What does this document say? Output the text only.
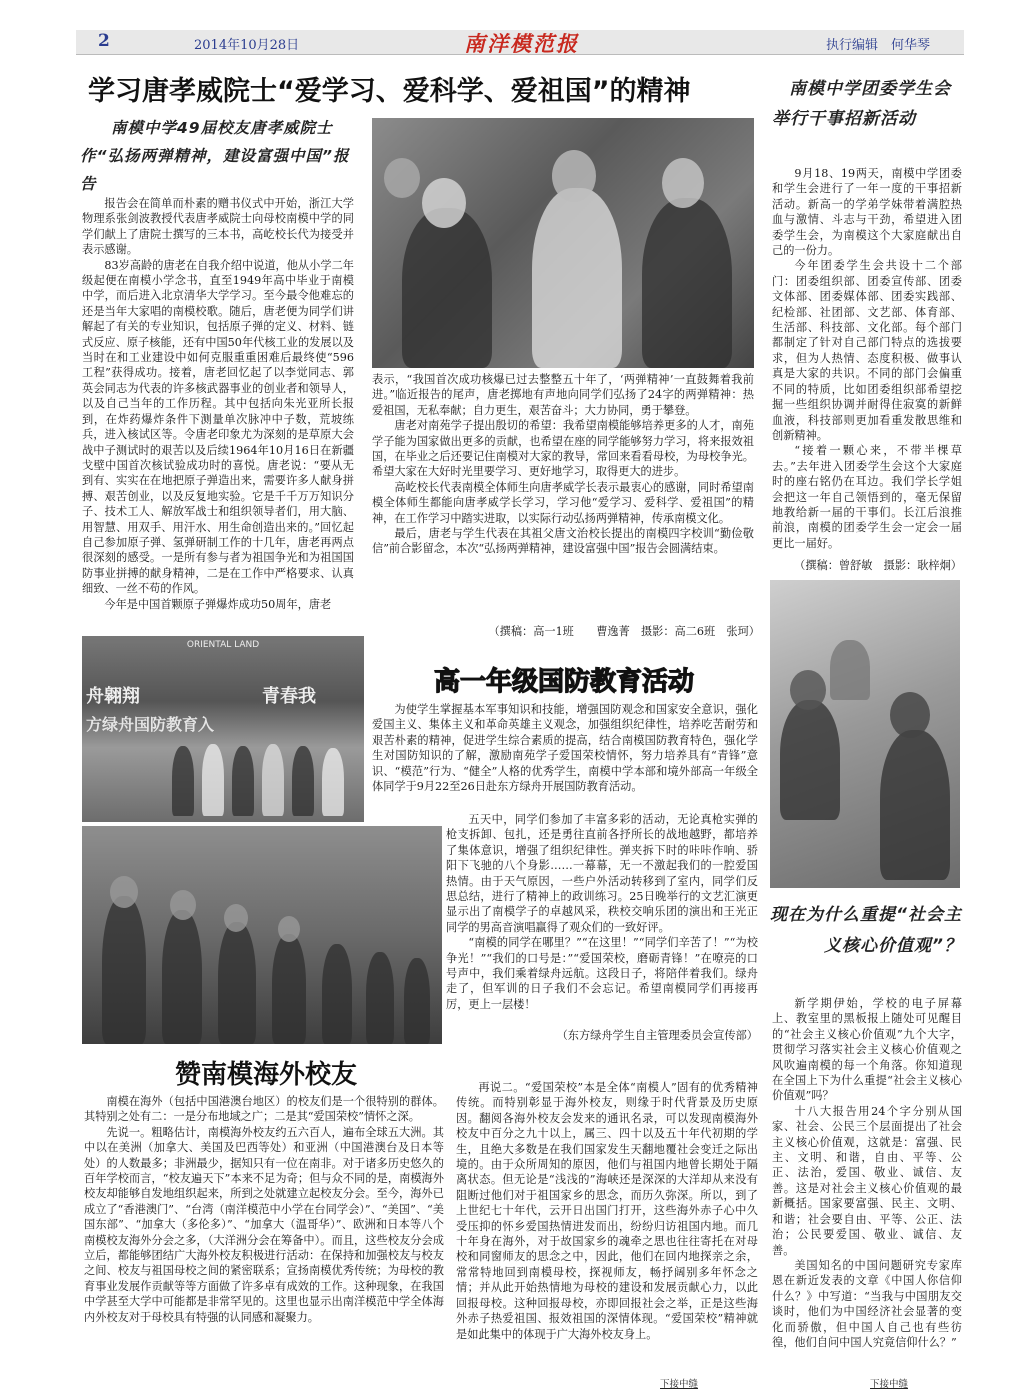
2	2014年10月28日	南洋模范报	执行编辑　何华琴
学习唐孝威院士“爱学习、爱科学、爱祖国”的精神
南模中学49届校友唐孝威院士作“弘扬两弹精神，建设富强中国”报告

报告会在简单而朴素的赠书仪式中开始，浙江大学物理系张剑波教授代表唐孝威院士向母校南模中学的同学们献上了唐院士撰写的三本书，高屹校长代为接受并表示感谢。

83岁高龄的唐老在自我介绍中说道，他从小学二年级起便在南模小学念书，直至1949年高中毕业于南模中学，而后进入北京清华大学学习。至今最令他难忘的还是当年大家唱的南模校歌。随后，唐老便为同学们讲解起了有关的专业知识，包括原子弹的定义、材料、链式反应、原子核能，还有中国50年代核工业的发展以及当时在和工业建设中如何克服重重困难后最终使“596工程”获得成功。接着，唐老回忆起了以李觉同志、郭英会同志为代表的许多核武器事业的创业者和领导人，以及自己当年的工作历程。其中包括向朱光亚所长报到，在炸药爆炸条件下测量单次脉冲中子数，荒坡练兵，进入核试区等。令唐老印象尤为深刻的是草原大会战中子测试时的艰苦以及后续1964年10月16日在新疆戈壁中国首次核试验成功时的喜悦。唐老说：“要从无到有、实实在在地把原子弹造出来，需要许多人献身拼搏、艰苦创业，以及反复地实验。它是千千万万知识分子、技术工人、解放军战士和组织领导者们，用大脑、用智慧、用双手、用汗水、用生命创造出来的。”回忆起自己参加原子弹、氢弹研制工作的十几年，唐老再两点很深刻的感受。一是所有参与者为祖国争光和为祖国国防事业拼搏的献身精神，二是在工作中严格要求、认真细致、一丝不苟的作风。

今年是中国首颗原子弹爆炸成功50周年，唐老

表示，“我国首次成功核爆已过去整整五十年了，‘两弹精神’一直鼓舞着我前进。”临近报告的尾声，唐老掷地有声地向同学们弘扬了24字的两弹精神：热爱祖国，无私奉献；自力更生，艰苦奋斗；大力协同，勇于攀登。

唐老对南苑学子提出殷切的希望：我希望南模能够培养更多的人才，南苑学子能为国家做出更多的贡献，也希望在座的同学能够努力学习，将来报效祖国，在毕业之后还要记住南模对大家的教导，常回来看看母校，为母校争光。希望大家在大好时光里要学习、更好地学习，取得更大的进步。

高屹校长代表南模全体师生向唐孝威学长表示最衷心的感谢，同时希望南模全体师生都能向唐孝威学长学习，学习他“爱学习、爱科学、爱祖国”的精神，在工作学习中踏实进取，以实际行动弘扬两弹精神，传承南模文化。

最后，唐老与学生代表在其祖父唐文治校长提出的南模四字校训“勤俭敬信”前合影留念，本次“弘扬两弹精神，建设富强中国”报告会圆满结束。

（撰稿：高一1班　　曹逸菁　摄影：高二6班　张珂）
南模中学团委学生会举行干事招新活动

9月18、19两天，南模中学团委和学生会进行了一年一度的干事招新活动。新高一的学弟学妹带着满腔热血与激情、斗志与干劲，希望进入团委学生会，为南模这个大家庭献出自己的一份力。

今年团委学生会共设十二个部门：团委组织部、团委宣传部、团委文体部、团委媒体部、团委实践部、纪检部、社团部、文艺部、体育部、生活部、科技部、文化部。每个部门都制定了针对自己部门特点的选拔要求，但为人热情、态度积极、做事认真是大家的共识。不同的部门会偏重不同的特质，比如团委组织部希望挖掘一些组织协调并耐得住寂寞的新鲜血液，科技部则更加看重发散思维和创新精神。

“接着一颗心来，不带半棵草去。”去年进入团委学生会这个大家庭时的座右铭仍在耳边。我们学长学姐会把这一年自己领悟到的，毫无保留地教给新一届的干事们。长江后浪推前浪，南模的团委学生会一定会一届更比一届好。

（撰稿：曾舒敏　摄影：耿梓炯）
ORIENTAL LAND
舟翱翔	青春我
方绿舟国防教育入
高一年级国防教育活动

为使学生掌握基本军事知识和技能，增强国防观念和国家安全意识，强化爱国主义、集体主义和革命英雄主义观念，加强组织纪律性，培养吃苦耐劳和艰苦朴素的精神，促进学生综合素质的提高，结合南模国防教育特色，强化学生对国防知识的了解，激励南苑学子爱国荣校情怀，努力培养具有“青锋”意识、“模范”行为、“健全”人格的优秀学生，南模中学本部和境外部高一年级全体同学于9月22至26日赴东方绿舟开展国防教育活动。

五天中，同学们参加了丰富多彩的活动，无论真枪实弹的枪支拆卸、包扎，还是勇往直前各抒所长的战地越野，都培养了集体意识，增强了组织纪律性。弹夹拆下时的咔咔作响、骄阳下飞驰的八个身影……一幕幕，无一不激起我们的一腔爱国热情。由于天气原因，一些户外活动转移到了室内，同学们反思总结，进行了精神上的政训练习。25日晚举行的文艺汇演更显示出了南模学子的卓越风采，秩校交响乐团的演出和王光正同学的男高音演唱赢得了观众们的一致好评。

“南模的同学在哪里？”“在这里！”“同学们辛苦了！”“为校争光！”“我们的口号是：”“爱国荣校，磨砺青锋！”在嘹亮的口号声中，我们乘着绿舟远航。这段日子，将陪伴着我们。绿舟走了，但军训的日子我们不会忘记。希望南模同学们再接再厉，更上一层楼！

（东方绿舟学生自主管理委员会宣传部）
赞南模海外校友

南模在海外（包括中国港澳台地区）的校友们是一个很特别的群体。其特别之处有二：一是分布地域之广；二是其“爱国荣校”情怀之深。

先说一。粗略估计，南模海外校友约五六百人，遍布全球五大洲。其中以在美洲（加拿大、美国及巴西等处）和亚洲（中国港澳台及日本等处）的人数最多；非洲最少，据知只有一位在南非。对于诸多历史悠久的百年学校而言，“校友遍天下”本来不足为奇；但与众不同的是，南模海外校友却能够自发地组织起来，所到之处就建立起校友分会。至今，海外已成立了“香港澳门”、“台湾（南洋模范中小学在台同学会）”、“美国”、“美国东部”、“加拿大（多伦多）”、“加拿大（温哥华）”、欧洲和日本等八个南模校友海外分会之多，（大洋洲分会在筹备中）。而且，这些校友分会成立后，都能够团结广大海外校友积极进行活动：在保持和加强校友与校友之间、校友与祖国母校之间的紧密联系；宣扬南模优秀传统；为母校的教育事业发展作贡献等等方面做了许多卓有成效的工作。这种现象，在我国中学甚至大学中可能都是非常罕见的。这里也显示出南洋模范中学全体海内外校友对于母校具有特强的认同感和凝聚力。

再说二。“爱国荣校”本是全体“南模人”固有的优秀精神传统。而特别彰显于海外校友，则缘于时代背景及历史原因。翻阅各海外校友会发来的通讯名录，可以发现南模海外校友中百分之九十以上，属三、四十以及五十年代初期的学生，且绝大多数是在我们国家发生天翻地覆社会变迁之际出境的。由于众所周知的原因，他们与祖国内地曾长期处于隔离状态。但无论是“浅浅的”海峡还是深深的大洋却从来没有阻断过他们对于祖国家乡的思念，而历久弥深。所以，到了上世纪七十年代，云开日出国门打开，这些海外赤子心中久受压抑的怀乡爱国热情进发而出，纷纷归访祖国内地。而几十年身在海外，对于故国家乡的魂牵之思也往往寄托在对母校和同窗师友的思念之中，因此，他们在回内地探亲之余，常常特地回到南模母校，探视师友，畅抒阔别多年怀念之情；并从此开始热情地为母校的建设和发展贡献心力，以此回报母校。这种回报母校，亦即回报社会之举，正是这些海外赤子热爱祖国、报效祖国的深情体现。“爱国荣校”精神就是如此集中的体现于广大海外校友身上。

下接中缝
现在为什么重提“社会主义核心价值观”？

新学期伊始，学校的电子屏幕上、教室里的黑板报上随处可见醒目的“社会主义核心价值观”九个大字，贯彻学习落实社会主义核心价值观之风吹遍南模的每一个角落。你知道现在全国上下为什么重提“社会主义核心价值观”吗？

十八大报告用24个字分别从国家、社会、公民三个层面提出了社会主义核心价值观，这就是：富强、民主、文明、和谐，自由、平等、公正、法治，爱国、敬业、诚信、友善。这是对社会主义核心价值观的最新概括。国家要富强、民主、文明、和谐；社会要自由、平等、公正、法治；公民要爱国、敬业、诚信、友善。

美国知名的中国问题研究专家库恩在新近发表的文章《中国人你信仰什么？》中写道：“当我与中国朋友交谈时，他们为中国经济社会显著的变化而骄傲，但中国人自己也有些彷徨，他们自问中国人究竟信仰什么？”

下接中缝
